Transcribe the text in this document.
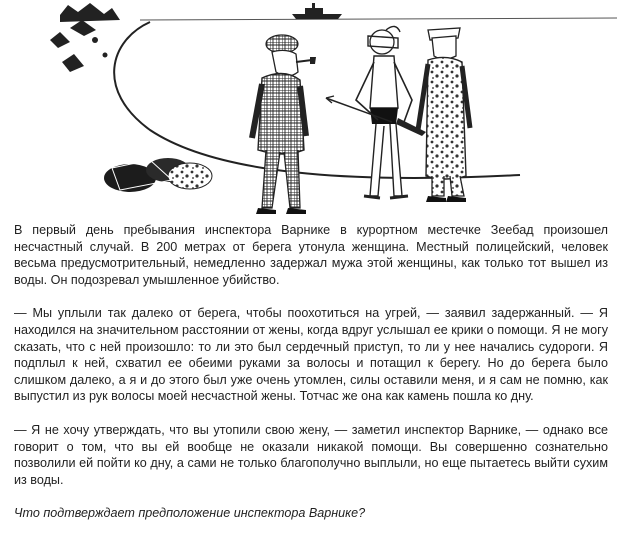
В первый день пребывания инспектора Варнике в курортном местечке Зеебад произошел несчастный случай. В 200 метрах от берега утонула женщина. Местный полицейский, человек весьма предусмотрительный, немедленно задержал мужа этой женщины, как только тот вышел из воды. Он подозревал умышленное убийство.

— Мы уплыли так далеко от берега, чтобы поохотиться на угрей, — заявил задержанный. — Я находился на значительном расстоянии от жены, когда вдруг услышал ее крики о помощи. Я не могу сказать, что с ней произошло: то ли это был сердечный приступ, то ли у нее начались судороги. Я подплыл к ней, схватил ее обеими руками за волосы и потащил к берегу. Но до берега было слишком далеко, а я и до этого был уже очень утомлен, силы оставили меня, и я сам не помню, как выпустил из рук волосы моей несчастной жены. Тотчас же она как камень пошла ко дну.

— Я не хочу утверждать, что вы утопили свою жену, — заметил инспектор Варнике, — однако все говорит о том, что вы ей вообще не оказали никакой помощи. Вы совершенно сознательно позволили ей пойти ко дну, а сами не только благополучно выплыли, но еще пытаетесь выйти сухим из воды.

Что подтверждает предположение инспектора Варнике?
